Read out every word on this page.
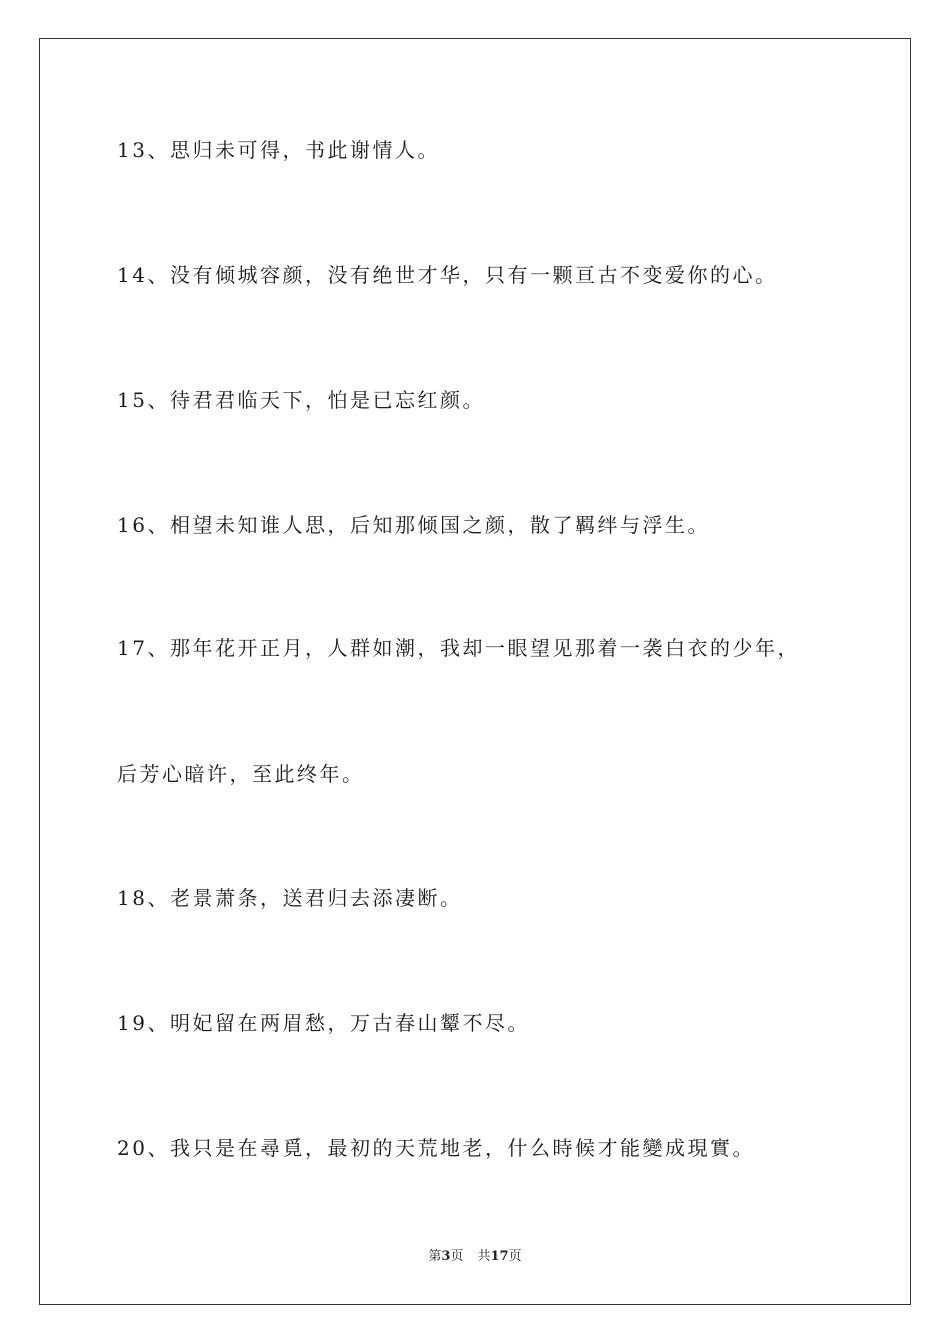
13、思归未可得，书此谢情人。
14、没有倾城容颜，没有绝世才华，只有一颗亘古不变爱你的心。
15、待君君临天下，怕是已忘红颜。
16、相望未知谁人思，后知那倾国之颜，散了羁绊与浮生。
17、那年花开正月，人群如潮，我却一眼望见那着一袭白衣的少年，
后芳心暗许，至此终年。
18、老景萧条，送君归去添凄断。
19、明妃留在两眉愁，万古春山颦不尽。
20、我只是在尋覓，最初的天荒地老，什么時候才能變成現實。
第3页 共17页
